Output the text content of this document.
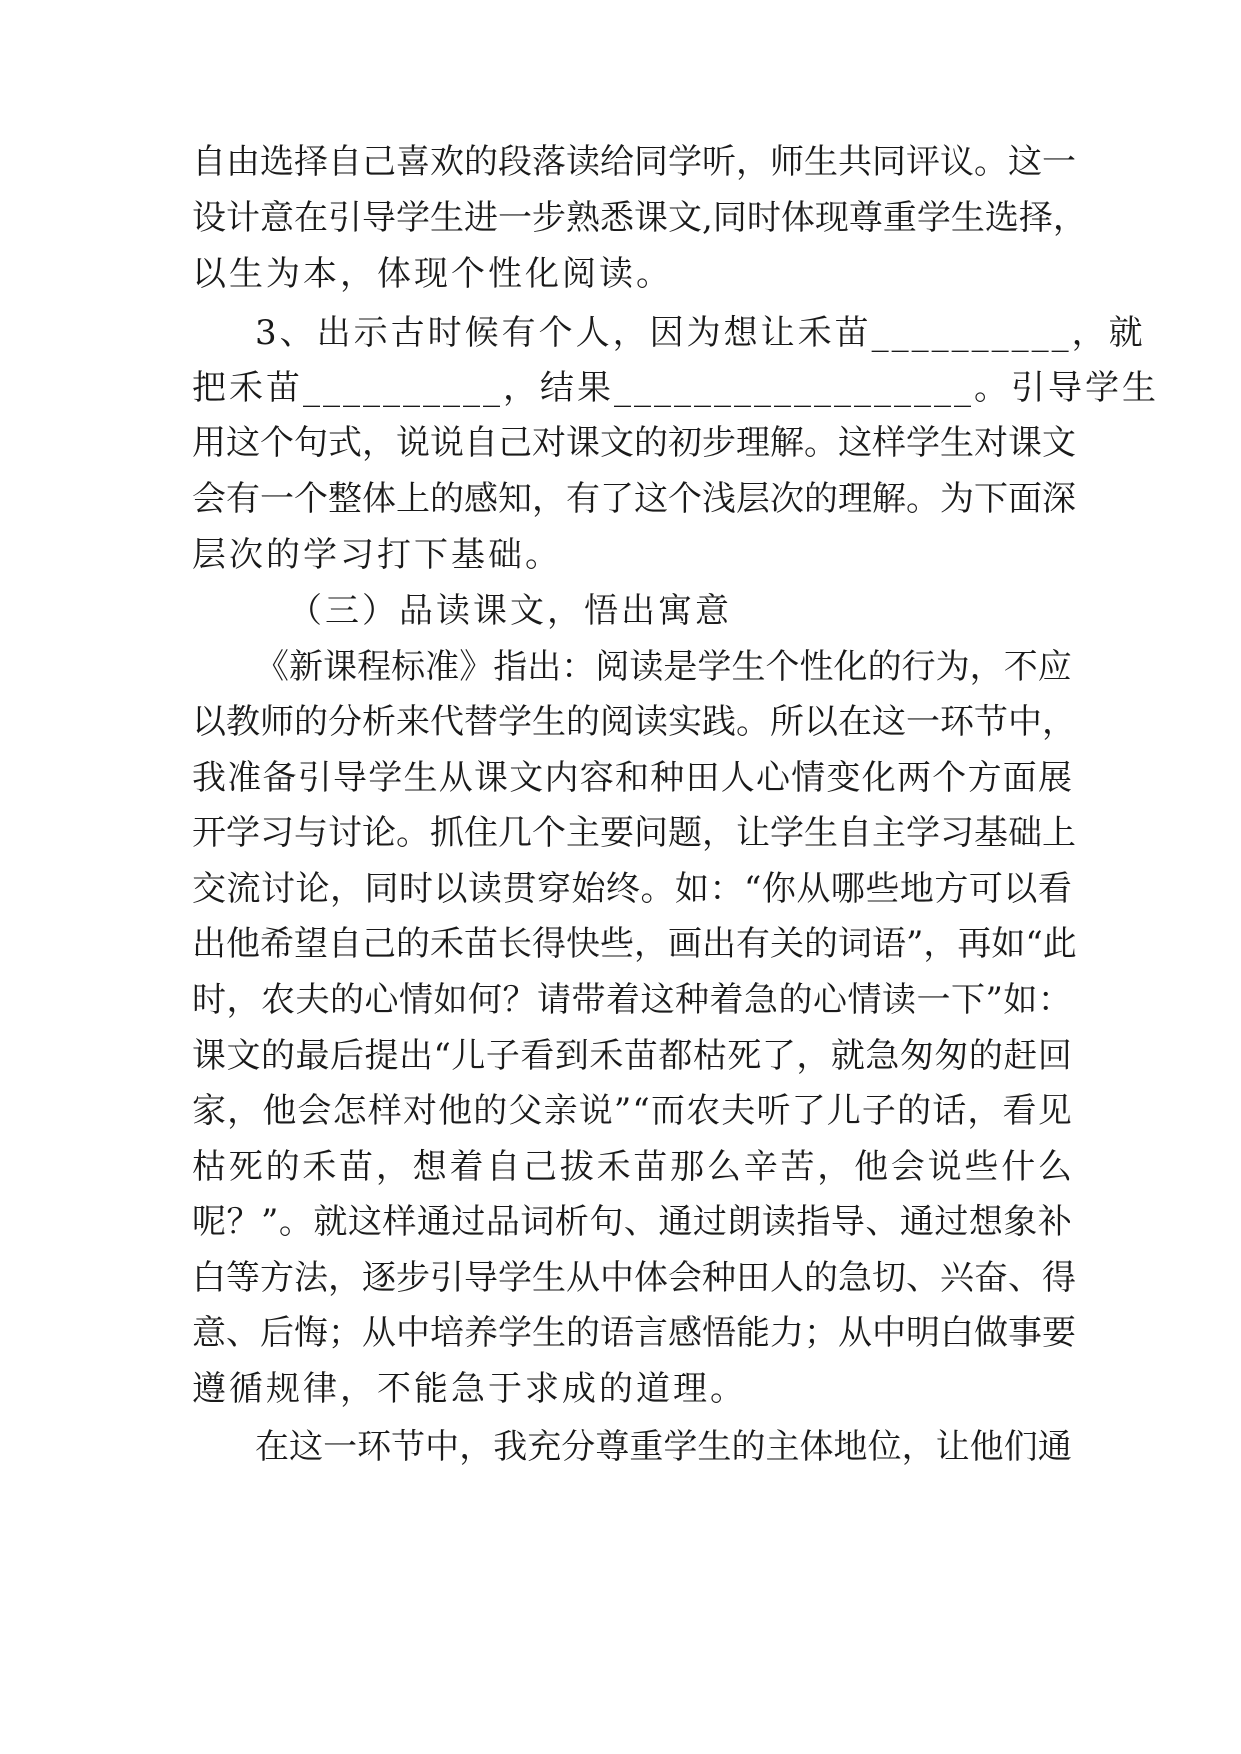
自 由 选 择 自 己 喜 欢 的 段 落 读 给 同 学 听 ， 师 生 共 同 评 议 。 这 一
设 计 意 在 引 导 学 生 进 一 步 熟 悉 课 文 , 同 时 体 现 尊 重 学 生 选 择 ，
以生为本，体现个性化阅读。
3、出示古时候有个人，因为想让禾苗__________，就
把禾苗__________，结果__________________。引导学生
用 这 个 句 式 ， 说 说 自 己 对 课 文 的 初 步 理 解 。 这 样 学 生 对 课 文
会 有 一 个 整 体 上 的 感 知 ， 有 了 这 个 浅 层 次 的 理 解 。 为 下 面 深
层次的学习打下基础。
（三）品读课文，悟出寓意
《 新 课 程 标 准 》 指 出 ： 阅 读 是 学 生 个 性 化 的 行 为 ， 不 应
以 教 师 的 分 析 来 代 替 学 生 的 阅 读 实 践 。 所 以 在 这 一 环 节 中 ，
我 准 备 引 导 学 生 从 课 文 内 容 和 种 田 人 心 情 变 化 两 个 方 面 展
开 学 习 与 讨 论 。 抓 住 几 个 主 要 问 题 ， 让 学 生 自 主 学 习 基 础 上
交 流 讨 论 ， 同 时 以 读 贯 穿 始 终 。 如 ： “ 你 从 哪 些 地 方 可 以 看
出 他 希 望 自 己 的 禾 苗 长 得 快 些 ， 画 出 有 关 的 词 语 ” ， 再 如 “ 此
时 ， 农 夫 的 心 情 如 何 ？ 请 带 着 这 种 着 急 的 心 情 读 一 下 ” 如 ：
课 文 的 最 后 提 出 “ 儿 子 看 到 禾 苗 都 枯 死 了 ， 就 急 匆 匆 的 赶 回
家 ， 他 会 怎 样 对 他 的 父 亲 说 ” “ 而 农 夫 听 了 儿 子 的 话 ， 看 见
枯 死 的 禾 苗 ， 想 着 自 己 拔 禾 苗 那 么 辛 苦 ， 他 会 说 些 什 么
呢 ？ ” 。 就 这 样 通 过 品 词 析 句 、 通 过 朗 读 指 导 、 通 过 想 象 补
白 等 方 法 ， 逐 步 引 导 学 生 从 中 体 会 种 田 人 的 急 切 、 兴 奋 、 得
意 、 后 悔 ； 从 中 培 养 学 生 的 语 言 感 悟 能 力 ； 从 中 明 白 做 事 要
遵循规律，不能急于求成的道理。
在 这 一 环 节 中 ， 我 充 分 尊 重 学 生 的 主 体 地 位 ， 让 他 们 通
